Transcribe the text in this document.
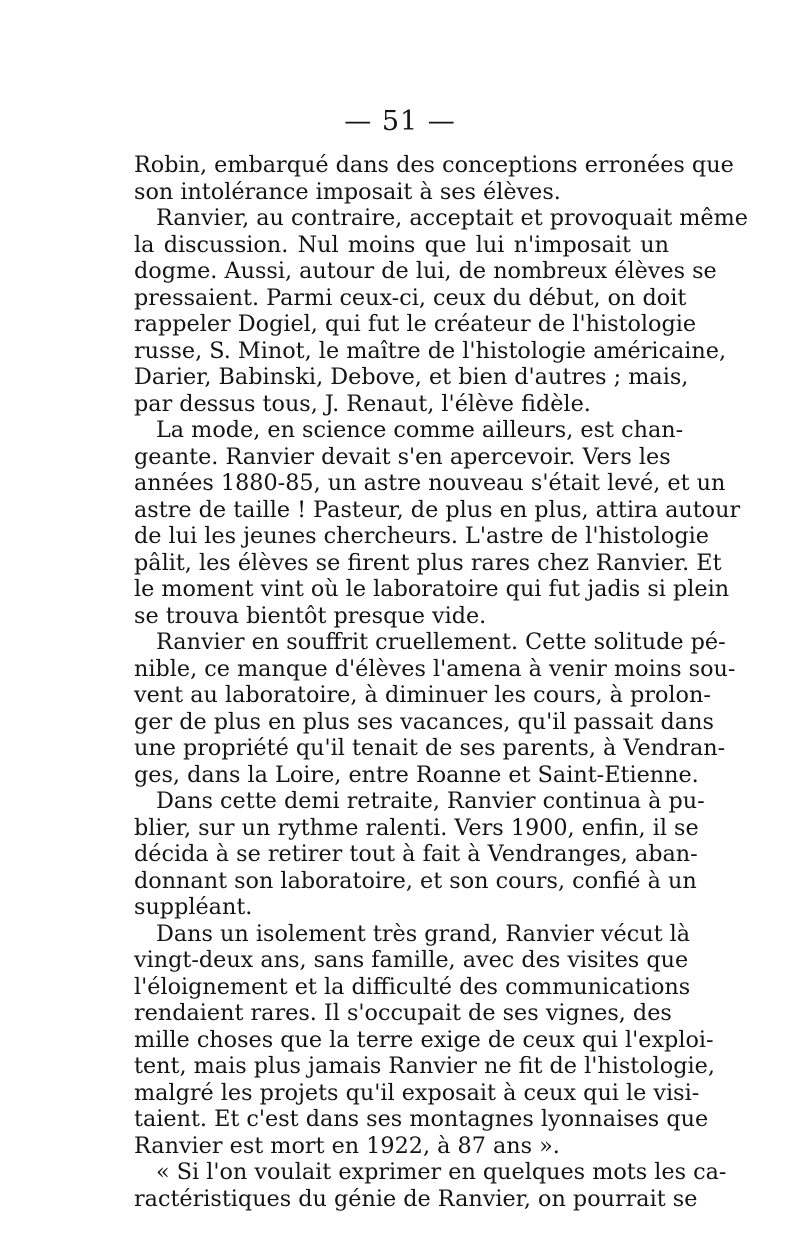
— 51 —
Robin, embarqué dans des conceptions erronées que
son intolérance imposait à ses élèves.
Ranvier, au contraire, acceptait et provoquait même
la discussion. Nul moins que lui n'imposait un
dogme. Aussi, autour de lui, de nombreux élèves se
pressaient. Parmi ceux-ci, ceux du début, on doit
rappeler Dogiel, qui fut le créateur de l'histologie
russe, S. Minot, le maître de l'histologie américaine,
Darier, Babinski, Debove, et bien d'autres ; mais,
par dessus tous, J. Renaut, l'élève fidèle.
La mode, en science comme ailleurs, est chan-
geante. Ranvier devait s'en apercevoir. Vers les
années 1880-85, un astre nouveau s'était levé, et un
astre de taille ! Pasteur, de plus en plus, attira autour
de lui les jeunes chercheurs. L'astre de l'histologie
pâlit, les élèves se firent plus rares chez Ranvier. Et
le moment vint où le laboratoire qui fut jadis si plein
se trouva bientôt presque vide.
Ranvier en souffrit cruellement. Cette solitude pé-
nible, ce manque d'élèves l'amena à venir moins sou-
vent au laboratoire, à diminuer les cours, à prolon-
ger de plus en plus ses vacances, qu'il passait dans
une propriété qu'il tenait de ses parents, à Vendran-
ges, dans la Loire, entre Roanne et Saint-Etienne.
Dans cette demi retraite, Ranvier continua à pu-
blier, sur un rythme ralenti. Vers 1900, enfin, il se
décida à se retirer tout à fait à Vendranges, aban-
donnant son laboratoire, et son cours, confié à un
suppléant.
Dans un isolement très grand, Ranvier vécut là
vingt-deux ans, sans famille, avec des visites que
l'éloignement et la difficulté des communications
rendaient rares. Il s'occupait de ses vignes, des
mille choses que la terre exige de ceux qui l'exploi-
tent, mais plus jamais Ranvier ne fit de l'histologie,
malgré les projets qu'il exposait à ceux qui le visi-
taient. Et c'est dans ses montagnes lyonnaises que
Ranvier est mort en 1922, à 87 ans ».
« Si l'on voulait exprimer en quelques mots les ca-
ractéristiques du génie de Ranvier, on pourrait se
